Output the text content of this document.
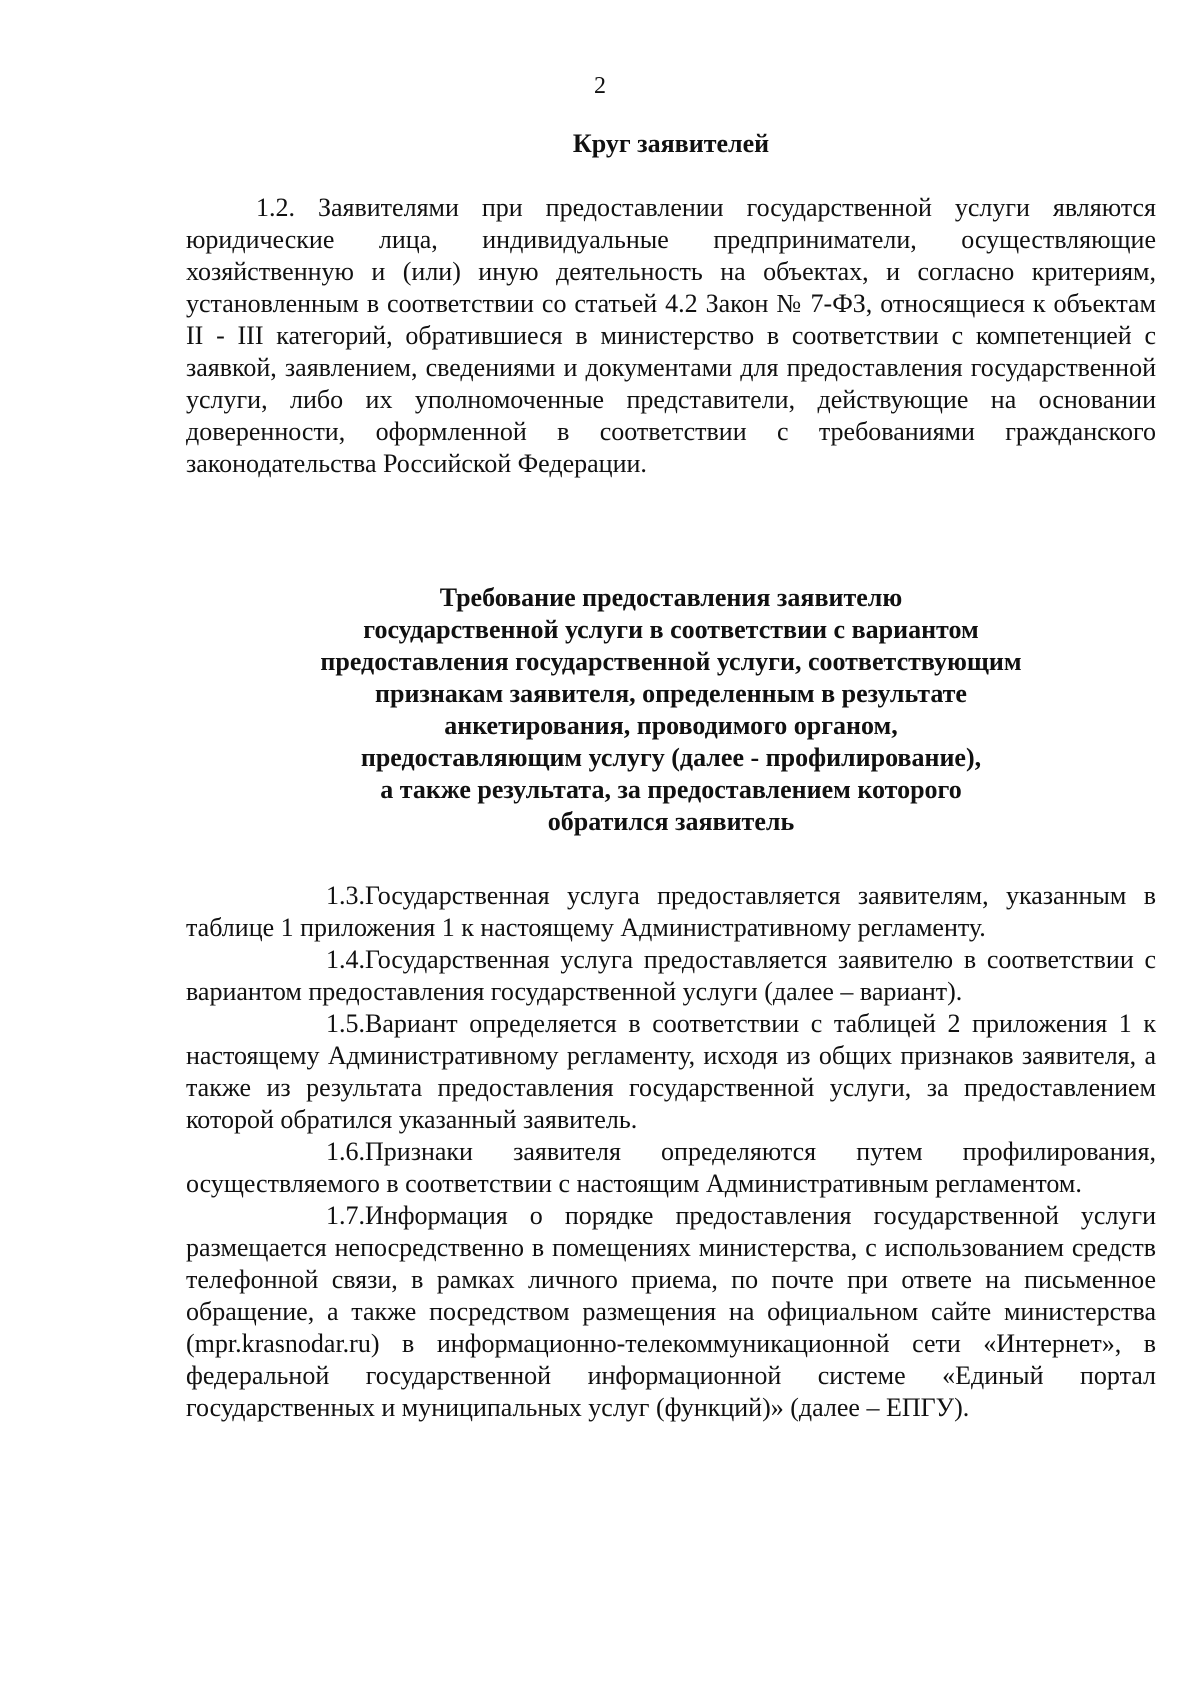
2
Круг заявителей

1.2. Заявителями при предоставлении государственной услуги являются юридические лица, индивидуальные предприниматели, осуществляющие хозяйственную и (или) иную деятельность на объектах, и согласно критериям, установленным в соответствии со статьей 4.2 Закон № 7-ФЗ, относящиеся к объектам II - III категорий, обратившиеся в министерство в соответствии с компетенцией с заявкой, заявлением, сведениями и документами для предоставления государственной услуги, либо их уполномоченные представители, действующие на основании доверенности, оформленной в соответствии с требованиями гражданского законодательства Российской Федерации.

Требование предоставления заявителю
государственной услуги в соответствии с вариантом
предоставления государственной услуги, соответствующим
признакам заявителя, определенным в результате
анкетирования, проводимого органом,
предоставляющим услугу (далее - профилирование),
а также результата, за предоставлением которого
обратился заявитель

1.3.Государственная услуга предоставляется заявителям, указанным в таблице 1 приложения 1 к настоящему Административному регламенту.

1.4.Государственная услуга предоставляется заявителю в соответствии с вариантом предоставления государственной услуги (далее – вариант).

1.5.Вариант определяется в соответствии с таблицей 2 приложения 1 к настоящему Административному регламенту, исходя из общих признаков заявителя, а также из результата предоставления государственной услуги, за предоставлением которой обратился указанный заявитель.

1.6.Признаки заявителя определяются путем профилирования, осуществляемого в соответствии с настоящим Административным регламентом.

1.7.Информация о порядке предоставления государственной услуги размещается непосредственно в помещениях министерства, с использованием средств телефонной связи, в рамках личного приема, по почте при ответе на письменное обращение, а также посредством размещения на официальном сайте министерства (mpr.krasnodar.ru) в информационно-телекоммуникационной сети «Интернет», в федеральной государственной информационной системе «Единый портал государственных и муниципальных услуг (функций)» (далее – ЕПГУ).
